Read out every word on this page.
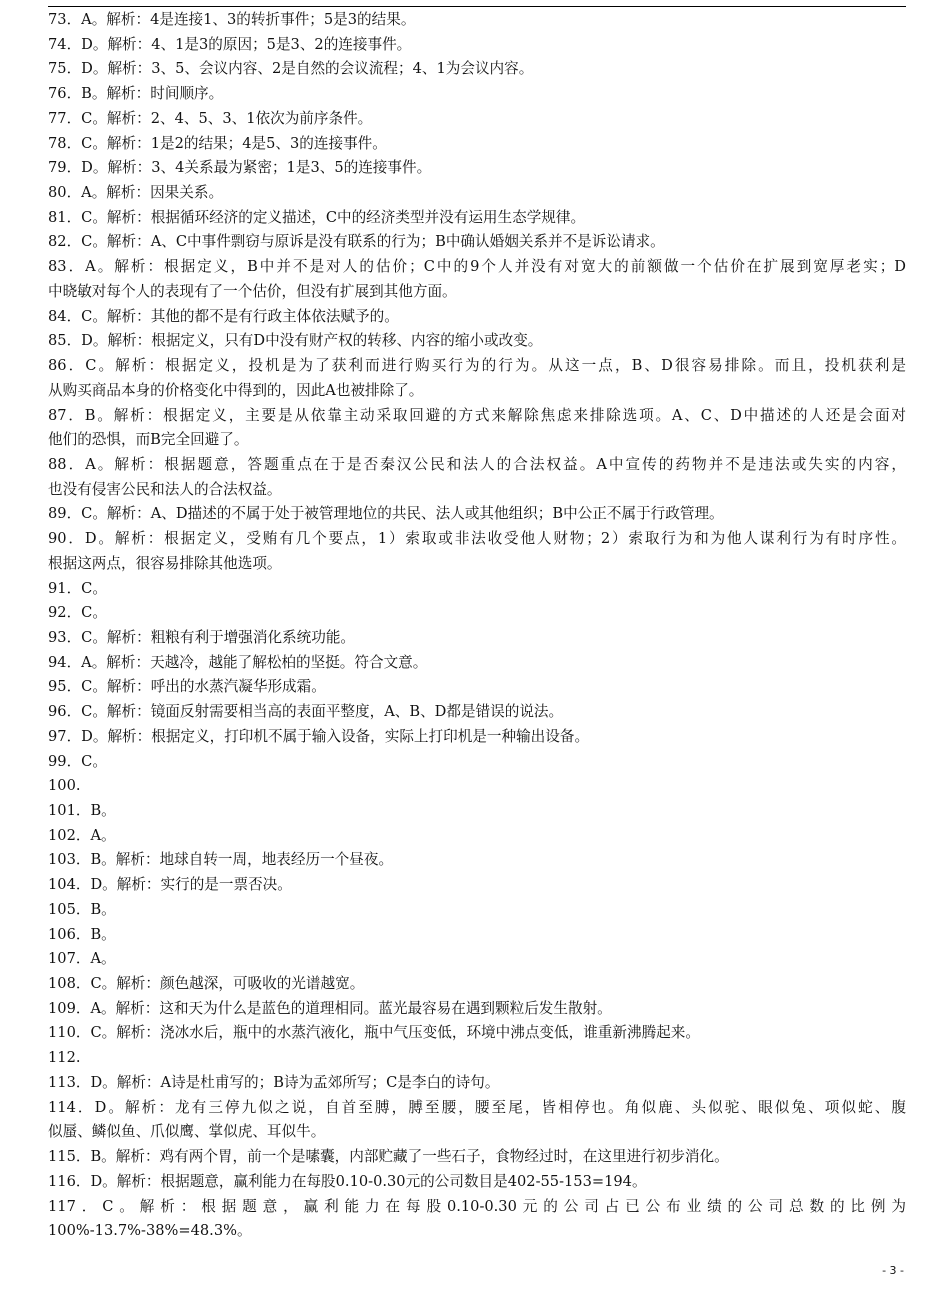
73．A。解析：4是连接1、3的转折事件；5是3的结果。
74．D。解析：4、1是3的原因；5是3、2的连接事件。
75．D。解析：3、5、会议内容、2是自然的会议流程；4、1为会议内容。
76．B。解析：时间顺序。
77．C。解析：2、4、5、3、1依次为前序条件。
78．C。解析：1是2的结果；4是5、3的连接事件。
79．D。解析：3、4关系最为紧密；1是3、5的连接事件。
80．A。解析：因果关系。
81．C。解析：根据循环经济的定义描述，C中的经济类型并没有运用生态学规律。
82．C。解析：A、C中事件剽窃与原诉是没有联系的行为；B中确认婚姻关系并不是诉讼请求。
83．A。解析：根据定义，B中并不是对人的估价；C中的9个人并没有对宽大的前额做一个估价在扩展到宽厚老实；D
中晓敏对每个人的表现有了一个估价，但没有扩展到其他方面。
84．C。解析：其他的都不是有行政主体依法赋予的。
85．D。解析：根据定义，只有D中没有财产权的转移、内容的缩小或改变。
86．C。解析：根据定义，投机是为了获利而进行购买行为的行为。从这一点，B、D很容易排除。而且，投机获利是
从购买商品本身的价格变化中得到的，因此A也被排除了。
87．B。解析：根据定义，主要是从依靠主动采取回避的方式来解除焦虑来排除选项。A、C、D中描述的人还是会面对
他们的恐惧，而B完全回避了。
88．A。解析：根据题意，答题重点在于是否秦汉公民和法人的合法权益。A中宣传的药物并不是违法或失实的内容，
也没有侵害公民和法人的合法权益。
89．C。解析：A、D描述的不属于处于被管理地位的共民、法人或其他组织；B中公正不属于行政管理。
90．D。解析：根据定义，受贿有几个要点，1）索取或非法收受他人财物；2）索取行为和为他人谋利行为有时序性。
根据这两点，很容易排除其他选项。
91．C。
92．C。
93．C。解析：粗粮有利于增强消化系统功能。
94．A。解析：天越冷，越能了解松柏的坚挺。符合文意。
95．C。解析：呼出的水蒸汽凝华形成霜。
96．C。解析：镜面反射需要相当高的表面平整度，A、B、D都是错误的说法。
97．D。解析：根据定义，打印机不属于输入设备，实际上打印机是一种输出设备。
99．C。
100.
101．B。
102．A。
103．B。解析：地球自转一周，地表经历一个昼夜。
104．D。解析：实行的是一票否决。
105．B。
106．B。
107．A。
108．C。解析：颜色越深，可吸收的光谱越宽。
109．A。解析：这和天为什么是蓝色的道理相同。蓝光最容易在遇到颗粒后发生散射。
110．C。解析：浇冰水后，瓶中的水蒸汽液化，瓶中气压变低，环境中沸点变低，谁重新沸腾起来。
112.
113．D。解析：A诗是杜甫写的；B诗为孟郊所写；C是李白的诗句。
114．D。解析：龙有三停九似之说，自首至膊，膊至腰，腰至尾，皆相停也。角似鹿、头似驼、眼似兔、项似蛇、腹
似蜃、鳞似鱼、爪似鹰、掌似虎、耳似牛。
115．B。解析：鸡有两个胃，前一个是嗉囊，内部贮藏了一些石子，食物经过时，在这里进行初步消化。
116．D。解析：根据题意，赢利能力在每股0.10-0.30元的公司数目是402-55-153=194。
117．C。解析：根据题意，赢利能力在每股0.10-0.30元的公司占已公布业绩的公司总数的比例为
100%-13.7%-38%=48.3%。
- 3 -
